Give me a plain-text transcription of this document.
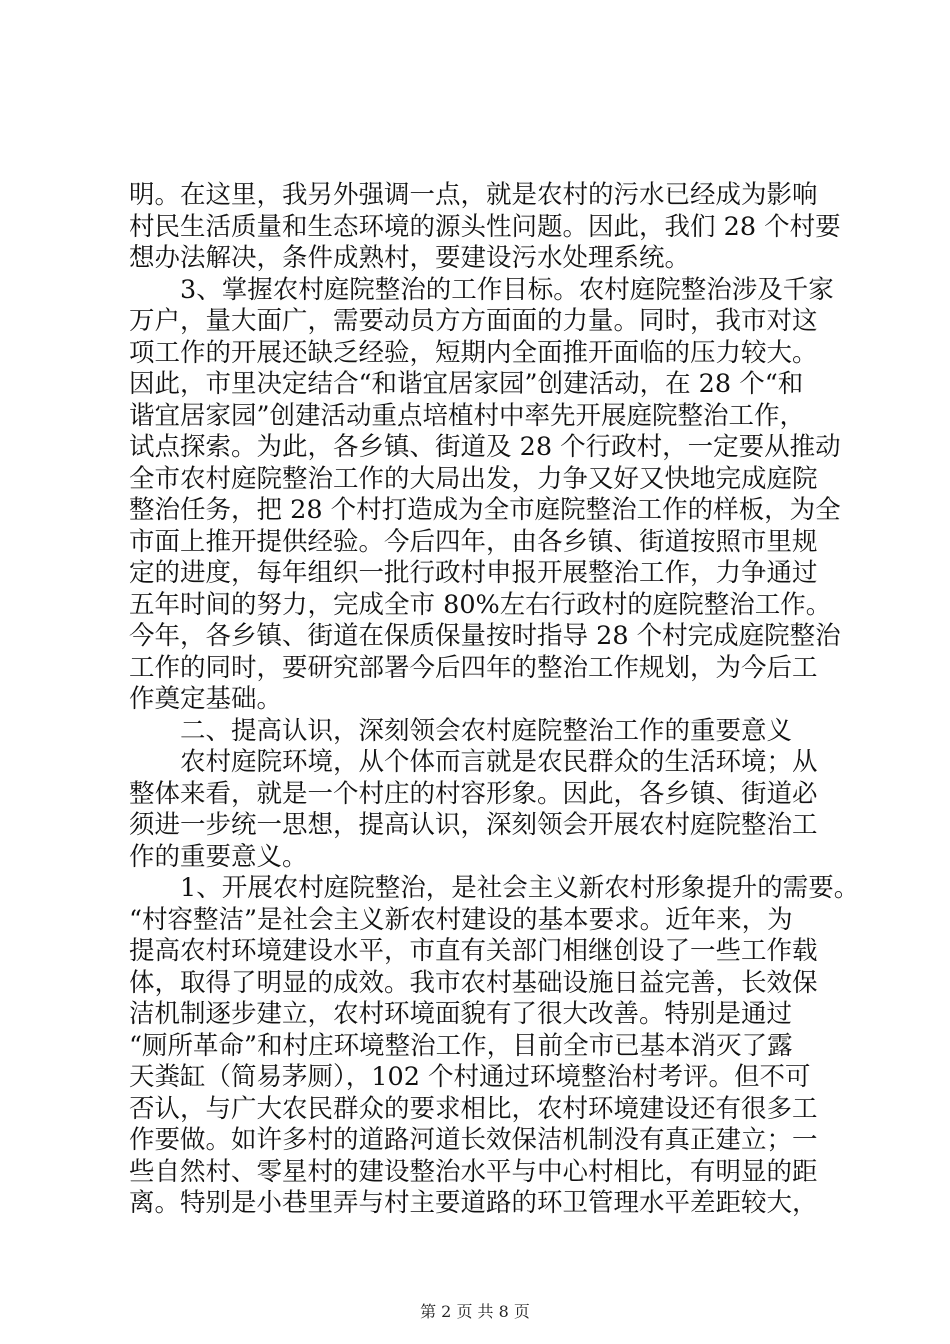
明。在这里，我另外强调一点，就是农村的污水已经成为影响
村民生活质量和生态环境的源头性问题。因此，我们 28 个村要
想办法解决，条件成熟村，要建设污水处理系统。
　　3、掌握农村庭院整治的工作目标。农村庭院整治涉及千家
万户，量大面广，需要动员方方面面的力量。同时，我市对这
项工作的开展还缺乏经验，短期内全面推开面临的压力较大。
因此，市里决定结合“和谐宜居家园”创建活动，在 28 个“和
谐宜居家园”创建活动重点培植村中率先开展庭院整治工作，
试点探索。为此，各乡镇、街道及 28 个行政村，一定要从推动
全市农村庭院整治工作的大局出发，力争又好又快地完成庭院
整治任务，把 28 个村打造成为全市庭院整治工作的样板，为全
市面上推开提供经验。今后四年，由各乡镇、街道按照市里规
定的进度，每年组织一批行政村申报开展整治工作，力争通过
五年时间的努力，完成全市 80%左右行政村的庭院整治工作。
今年，各乡镇、街道在保质保量按时指导 28 个村完成庭院整治
工作的同时，要研究部署今后四年的整治工作规划，为今后工
作奠定基础。
　　二、提高认识，深刻领会农村庭院整治工作的重要意义
　　农村庭院环境，从个体而言就是农民群众的生活环境；从
整体来看，就是一个村庄的村容形象。因此，各乡镇、街道必
须进一步统一思想，提高认识，深刻领会开展农村庭院整治工
作的重要意义。
　　1、开展农村庭院整治，是社会主义新农村形象提升的需要。
“村容整洁”是社会主义新农村建设的基本要求。近年来，为
提高农村环境建设水平，市直有关部门相继创设了一些工作载
体，取得了明显的成效。我市农村基础设施日益完善，长效保
洁机制逐步建立，农村环境面貌有了很大改善。特别是通过
“厕所革命”和村庄环境整治工作，目前全市已基本消灭了露
天粪缸（简易茅厕），102 个村通过环境整治村考评。但不可
否认，与广大农民群众的要求相比，农村环境建设还有很多工
作要做。如许多村的道路河道长效保洁机制没有真正建立；一
些自然村、零星村的建设整治水平与中心村相比，有明显的距
离。特别是小巷里弄与村主要道路的环卫管理水平差距较大，
第 2 页 共 8 页
